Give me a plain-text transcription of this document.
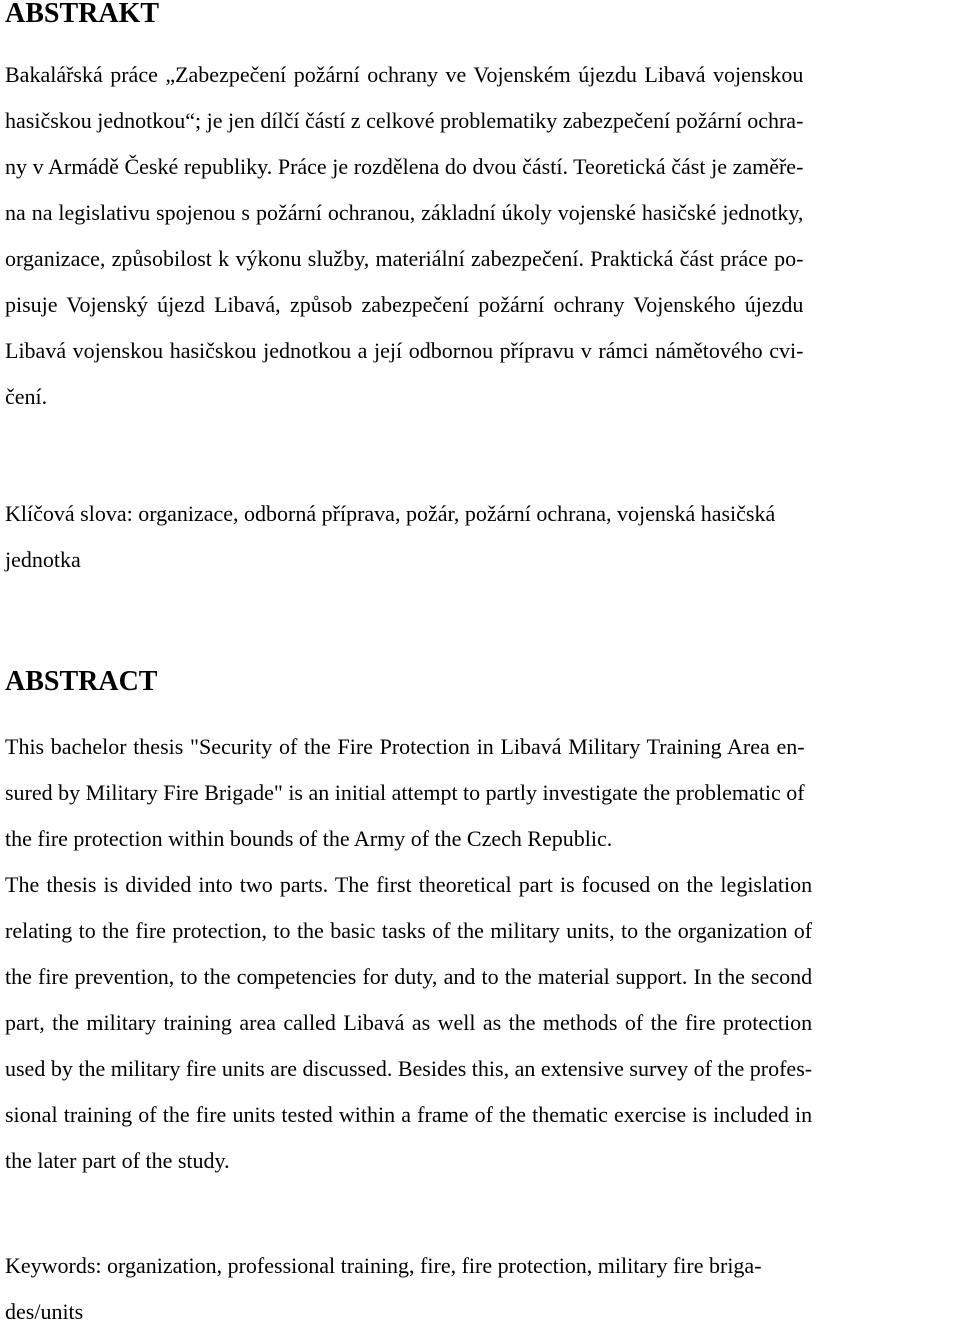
ABSTRAKT

Bakalářská práce „Zabezpečení požární ochrany ve Vojenském újezdu Libavá vojenskou
hasičskou jednotkou“; je jen dílčí částí z celkové problematiky zabezpečení požární ochra-
ny v Armádě České republiky. Práce je rozdělena do dvou částí. Teoretická část je zaměře-
na na legislativu spojenou s požární ochranou, základní úkoly vojenské hasičské jednotky,
organizace, způsobilost k výkonu služby, materiální zabezpečení. Praktická část práce po-
pisuje Vojenský újezd Libavá, způsob zabezpečení požární ochrany Vojenského újezdu
Libavá vojenskou hasičskou jednotkou a její odbornou přípravu v rámci námětového cvi-
čení.

Klíčová slova: organizace, odborná příprava, požár, požární ochrana, vojenská hasičská
jednotka

ABSTRACT

This bachelor thesis "Security of the Fire Protection in Libavá Military Training Area en-
sured by Military Fire Brigade" is an initial attempt to partly investigate the problematic of
the fire protection within bounds of the Army of the Czech Republic.

The thesis is divided into two parts. The first theoretical part is focused on the legislation
relating to the fire protection, to the basic tasks of the military units, to the organization of
the fire prevention, to the competencies for duty, and to the material support. In the second
part, the military training area called Libavá as well as the methods of the fire protection
used by the military fire units are discussed. Besides this, an extensive survey of the profes-
sional training of the fire units tested within a frame of the thematic exercise is included in
the later part of the study.

Keywords: organization, professional training, fire, fire protection, military fire briga-
des/units
